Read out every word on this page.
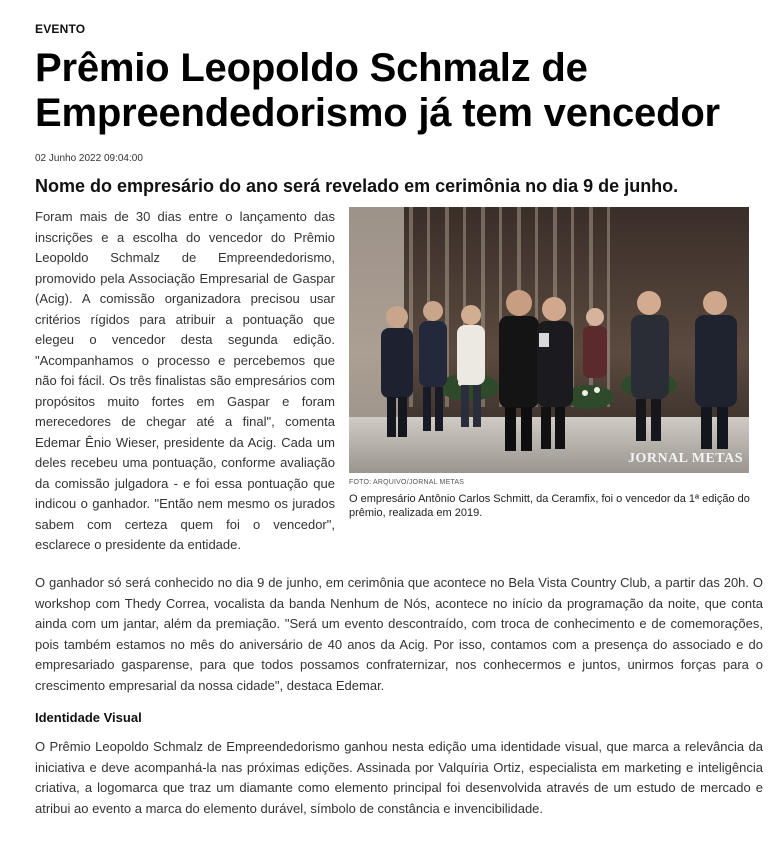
EVENTO
Prêmio Leopoldo Schmalz de Empreendedorismo já tem vencedor
02 Junho 2022 09:04:00
Nome do empresário do ano será revelado em cerimônia no dia 9 de junho.

Foram mais de 30 dias entre o lançamento das inscrições e a escolha do vencedor do Prêmio Leopoldo Schmalz de Empreendedorismo, promovido pela Associação Empresarial de Gaspar (Acig). A comissão organizadora precisou usar critérios rígidos para atribuir a pontuação que elegeu o vencedor desta segunda edição. "Acompanhamos o processo e percebemos que não foi fácil. Os três finalistas são empresários com propósitos muito fortes em Gaspar e foram merecedores de chegar até a final", comenta Edemar Ênio Wieser, presidente da Acig. Cada um deles recebeu uma pontuação, conforme avaliação da comissão julgadora - e foi essa pontuação que indicou o ganhador. "Então nem mesmo os jurados sabem com certeza quem foi o vencedor", esclarece o presidente da entidade.

JORNAL METAS
FOTO: ARQUIVO/JORNAL METAS
O empresário Antônio Carlos Schmitt, da Ceramfix, foi o vencedor da 1ª edição do prêmio, realizada em 2019.

O ganhador só será conhecido no dia 9 de junho, em cerimônia que acontece no Bela Vista Country Club, a partir das 20h. O workshop com Thedy Correa, vocalista da banda Nenhum de Nós, acontece no início da programação da noite, que conta ainda com um jantar, além da premiação. "Será um evento descontraído, com troca de conhecimento e de comemorações, pois também estamos no mês do aniversário de 40 anos da Acig. Por isso, contamos com a presença do associado e do empresariado gasparense, para que todos possamos confraternizar, nos conhecermos e juntos, unirmos forças para o crescimento empresarial da nossa cidade", destaca Edemar.

Identidade Visual

O Prêmio Leopoldo Schmalz de Empreendedorismo ganhou nesta edição uma identidade visual, que marca a relevância da iniciativa e deve acompanhá-la nas próximas edições. Assinada por Valquíria Ortiz, especialista em marketing e inteligência criativa, a logomarca que traz um diamante como elemento principal foi desenvolvida através de um estudo de mercado e atribui ao evento a marca do elemento durável, símbolo de constância e invencibilidade.
